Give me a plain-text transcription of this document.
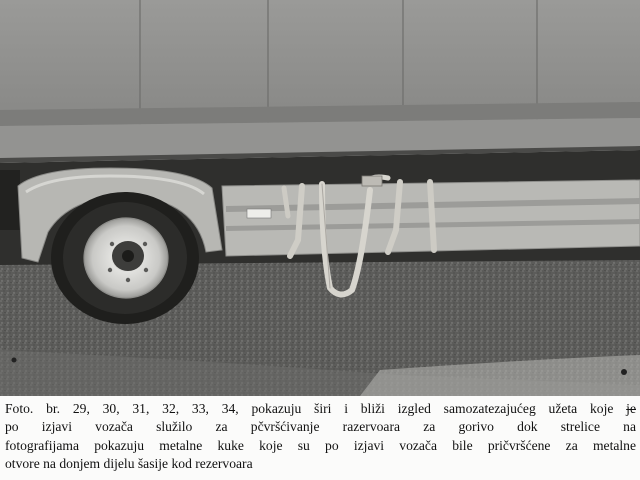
Foto. br. 29, 30, 31, 32, 33, 34, pokazuju širi i bliži izgled samozatezajućeg užeta koje je
po izjavi vozača služilo za pčvršćivanje razervoara za gorivo dok strelice na
fotografijama pokazuju metalne kuke koje su po izjavi vozača bile pričvršćene za metalne
otvore na donjem dijelu šasije kod rezervoara
